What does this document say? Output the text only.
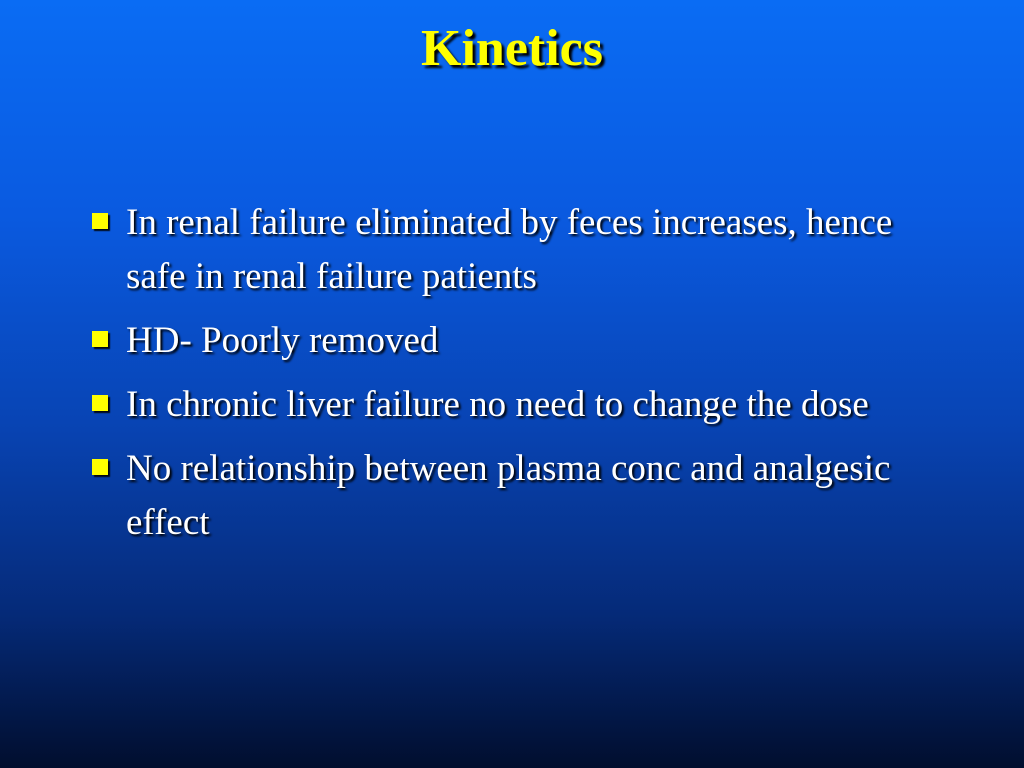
Kinetics
In renal failure eliminated by feces increases, hence safe in renal failure patients
HD- Poorly removed
In chronic liver failure no need to change the dose
No relationship between plasma conc and analgesic effect
